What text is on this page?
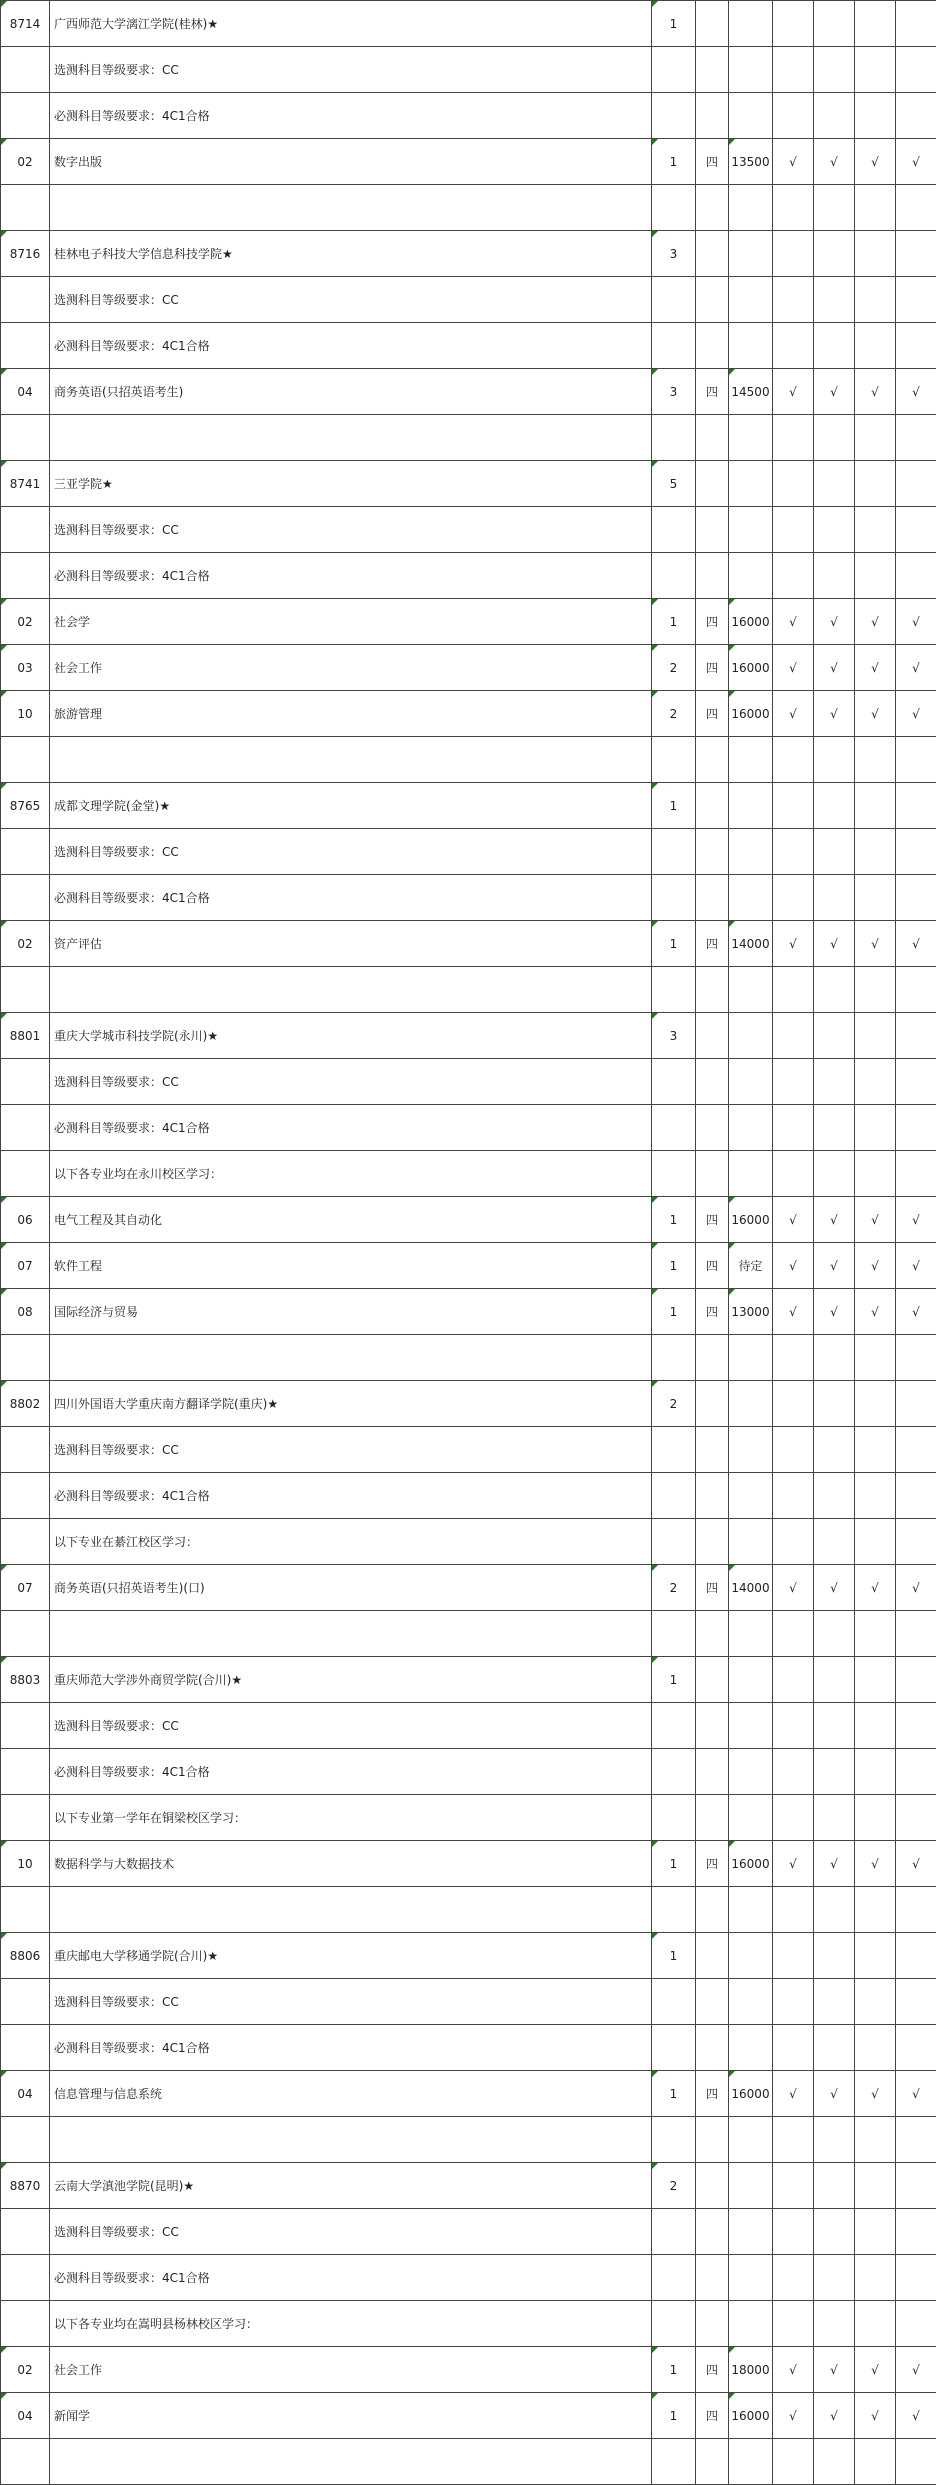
8714	广西师范大学漓江学院(桂林)★	1						
	选测科目等级要求：CC							
	必测科目等级要求：4C1合格							
02	数字出版	1	四	13500	√	√	√	√

8716	桂林电子科技大学信息科技学院★	3						
	选测科目等级要求：CC							
	必测科目等级要求：4C1合格							
04	商务英语(只招英语考生)	3	四	14500	√	√	√	√

8741	三亚学院★	5						
	选测科目等级要求：CC							
	必测科目等级要求：4C1合格							
02	社会学	1	四	16000	√	√	√	√
03	社会工作	2	四	16000	√	√	√	√
10	旅游管理	2	四	16000	√	√	√	√

8765	成都文理学院(金堂)★	1						
	选测科目等级要求：CC							
	必测科目等级要求：4C1合格							
02	资产评估	1	四	14000	√	√	√	√

8801	重庆大学城市科技学院(永川)★	3						
	选测科目等级要求：CC							
	必测科目等级要求：4C1合格							
	以下各专业均在永川校区学习：							
06	电气工程及其自动化	1	四	16000	√	√	√	√
07	软件工程	1	四	待定	√	√	√	√
08	国际经济与贸易	1	四	13000	√	√	√	√

8802	四川外国语大学重庆南方翻译学院(重庆)★	2						
	选测科目等级要求：CC							
	必测科目等级要求：4C1合格							
	以下专业在綦江校区学习：							
07	商务英语(只招英语考生)(口)	2	四	14000	√	√	√	√

8803	重庆师范大学涉外商贸学院(合川)★	1						
	选测科目等级要求：CC							
	必测科目等级要求：4C1合格							
	以下专业第一学年在铜梁校区学习：							
10	数据科学与大数据技术	1	四	16000	√	√	√	√

8806	重庆邮电大学移通学院(合川)★	1						
	选测科目等级要求：CC							
	必测科目等级要求：4C1合格							
04	信息管理与信息系统	1	四	16000	√	√	√	√

8870	云南大学滇池学院(昆明)★	2						
	选测科目等级要求：CC							
	必测科目等级要求：4C1合格							
	以下各专业均在嵩明县杨林校区学习：							
02	社会工作	1	四	18000	√	√	√	√
04	新闻学	1	四	16000	√	√	√	√
